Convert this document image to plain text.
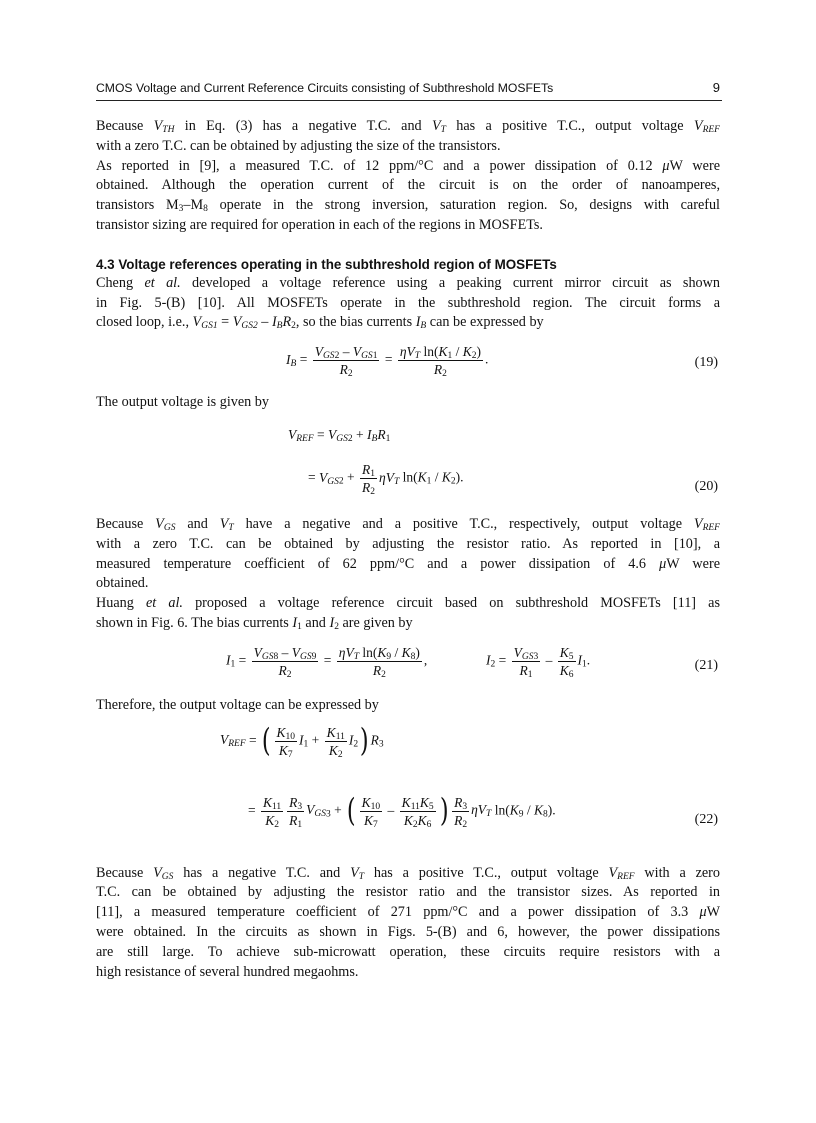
CMOS Voltage and Current Reference Circuits consisting of Subthreshold MOSFETs	9
Because $V_{TH}$ in Eq. (3) has a negative T.C. and $V_T$ has a positive T.C., output voltage $V_{REF}$
with a zero T.C. can be obtained by adjusting the size of the transistors.
As reported in [9], a measured T.C. of 12 ppm/°C and a power dissipation of 0.12 μW were
obtained. Although the operation current of the circuit is on the order of nanoamperes,
transistors $M_3-M_8$ operate in the strong inversion, saturation region. So, designs with careful
transistor sizing are required for operation in each of the regions in MOSFETs.
4.3 Voltage references operating in the subthreshold region of MOSFETs
Cheng et al. developed a voltage reference using a peaking current mirror circuit as shown
in Fig. 5-(B) [10]. All MOSFETs operate in the subthreshold region. The circuit forms a
closed loop, i.e., $V_{GS1} = V_{GS2} - I_BR_2$, so the bias currents $I_B$ can be expressed by
$I_B = \frac{V_{GS2} - V_{GS1}}{R_2} = \frac{\eta V_T \ln(K_1 / K_2)}{R_2}$ .	(19)
The output voltage is given by
$V_{REF} = V_{GS2} + I_BR_1$
= $V_{GS2} + \frac{R_1}{R_2} \eta V_T$ $\ln(K_1 / K_2)$.
(20)
Because $V_{GS}$ and $V_T$ have a negative and a positive T.C., respectively, output voltage $V_{REF}$
with a zero T.C. can be obtained by adjusting the resistor ratio. As reported in [10], a
measured temperature coefficient of 62 ppm/°C and a power dissipation of 4.6 μW were
obtained.
Huang et al. proposed a voltage reference circuit based on subthreshold MOSFETs [11] as
shown in Fig. 6. The bias currents $I_1$ and $I_2$ are given by
$I_1 = \frac{V_{GS8} - V_{GS9}}{R_2} = \frac{\eta V_T \ln(K_9 / K_8)}{R_2}$ ,	$I_2 = \frac{V_{GS3}}{R_1} - \frac{K_5}{K_6} I_1$.	(21)
Therefore, the output voltage can be expressed by
$V_{REF}$ = ( $\frac{K_{10}}{K_7} I_1 + \frac{K_{11}}{K_2} I_2$) $R_3$
= $\frac{K_{11}}{K_2} \frac{R_3}{R_1} V_{GS3}$ + ( $\frac{K_{10}}{K_7} - \frac{K_{11}K_5}{K_2K_6}$ ) $\frac{R_3}{R_2} \eta V_T$ $\ln(K_9 / K_8)$.
(22)
Because $V_{GS}$ has a negative T.C. and $V_T$ has a positive T.C., output voltage $V_{REF}$ with a zero
T.C. can be obtained by adjusting the resistor ratio and the transistor sizes. As reported in
[11], a measured temperature coefficient of 271 ppm/°C and a power dissipation of 3.3 μW
were obtained. In the circuits as shown in Figs. 5-(B) and 6, however, the power dissipations
are still large. To achieve sub-microwatt operation, these circuits require resistors with a
high resistance of several hundred megaohms.
